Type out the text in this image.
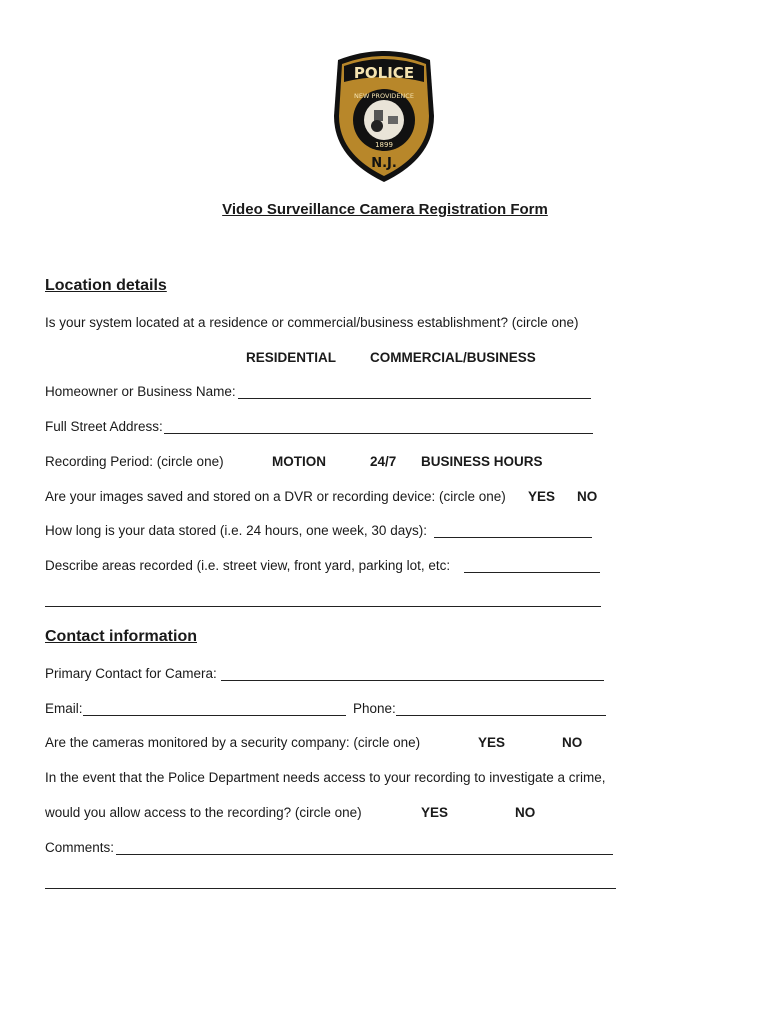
POLICE
NEW PROVIDENCE
1899
N.J.
Video Surveillance Camera Registration Form
Location details
Is your system located at a residence or commercial/business establishment? (circle one)
RESIDENTIAL	COMMERCIAL/BUSINESS
Homeowner or Business Name:
Full Street Address:
Recording Period: (circle one)	MOTION	24/7 BUSINESS HOURS
Are your images saved and stored on a DVR or recording device: (circle one) YES NO
How long is your data stored (i.e. 24 hours, one week, 30 days):
Describe areas recorded (i.e. street view, front yard, parking lot, etc:
Contact information
Primary Contact for Camera:
Email:	Phone:
Are the cameras monitored by a security company: (circle one)	YES	NO
In the event that the Police Department needs access to your recording to investigate a crime,
would you allow access to the recording? (circle one)	YES	NO
Comments:
